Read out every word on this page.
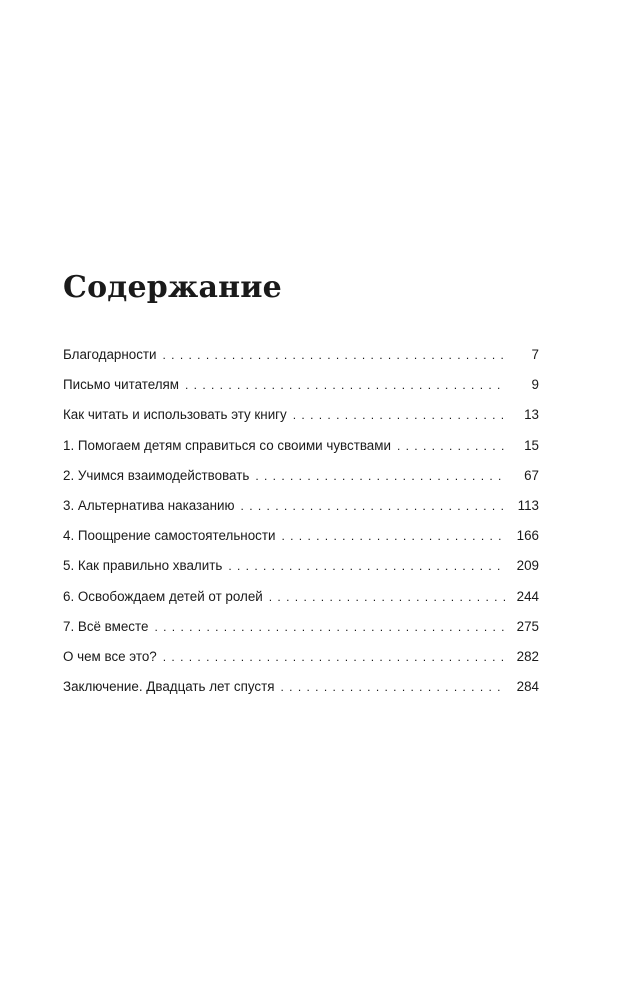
Содержание
Благодарности . . .	7
Письмо читателям . . .	9
Как читать и использовать эту книгу . . .	13
1. Помогаем детям справиться со своими чувствами . . .	15
2. Учимся взаимодействовать . . .	67
3. Альтернатива наказанию . . .	113
4. Поощрение самостоятельности . . .	166
5. Как правильно хвалить . . .	209
6. Освобождаем детей от ролей . . .	244
7. Всё вместе . . .	275
О чем все это? . . .	282
Заключение. Двадцать лет спустя . . .	284
